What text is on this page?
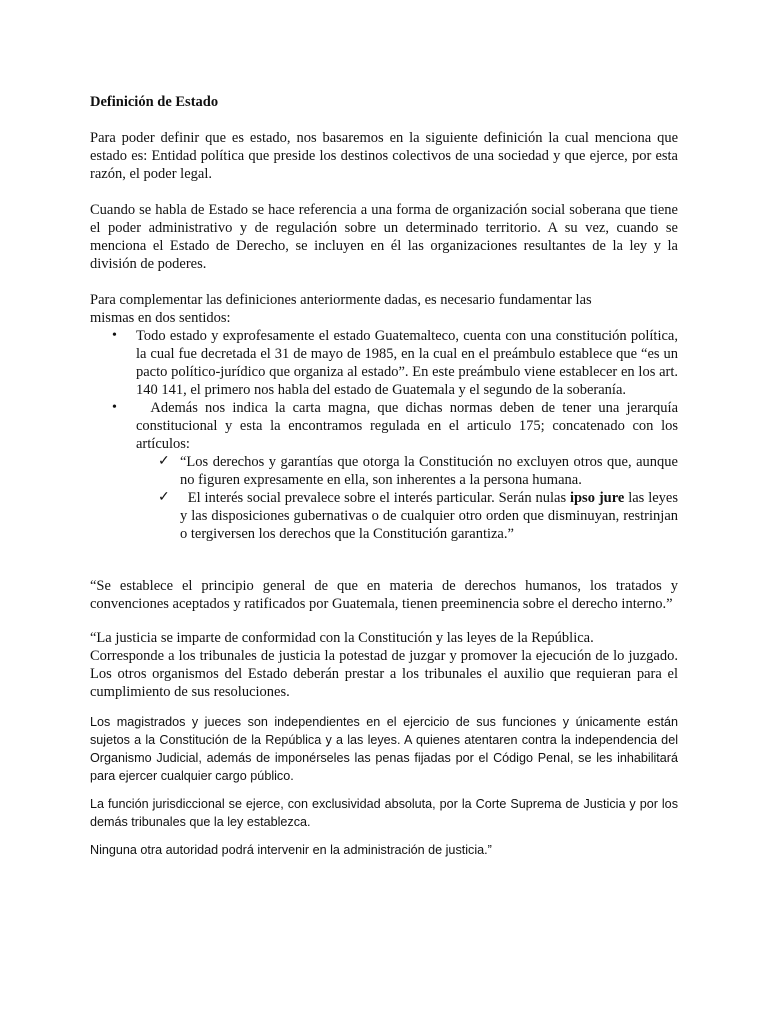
Definición de Estado

Para poder definir que es estado, nos basaremos en la siguiente definición la cual menciona que estado es: Entidad política que preside los destinos colectivos de una sociedad y que ejerce, por esta razón, el poder legal.

Cuando se habla de Estado se hace referencia a una forma de organización social soberana que tiene el poder administrativo y de regulación sobre un determinado territorio. A su vez, cuando se menciona el Estado de Derecho, se incluyen en él las organizaciones resultantes de la ley y la división de poderes.

Para complementar las definiciones anteriormente dadas, es necesario fundamentar las
mismas en dos sentidos:
• Todo estado y exprofesamente el estado Guatemalteco, cuenta con una constitución política, la cual fue decretada el 31 de mayo de 1985, en la cual en el preámbulo establece que “es un pacto político-jurídico que organiza al estado”. En este preámbulo viene establecer en los art. 140 141, el primero nos habla del estado de Guatemala y el segundo de la soberanía.
• Además nos indica la carta magna, que dichas normas deben de tener una jerarquía constitucional y esta la encontramos regulada en el articulo 175; concatenado con los artículos:
✓ “Los derechos y garantías que otorga la Constitución no excluyen otros que, aunque no figuren expresamente en ella, son inherentes a la persona humana.
✓ El interés social prevalece sobre el interés particular. Serán nulas ipso jure las leyes y las disposiciones gubernativas o de cualquier otro orden que disminuyan, restrinjan o tergiversen los derechos que la Constitución garantiza.”

“Se establece el principio general de que en materia de derechos humanos, los tratados y convenciones aceptados y ratificados por Guatemala, tienen preeminencia sobre el derecho interno.”

“La justicia se imparte de conformidad con la Constitución y las leyes de la República.
Corresponde a los tribunales de justicia la potestad de juzgar y promover la ejecución de lo juzgado. Los otros organismos del Estado deberán prestar a los tribunales el auxilio que requieran para el cumplimiento de sus resoluciones.

Los magistrados y jueces son independientes en el ejercicio de sus funciones y únicamente están sujetos a la Constitución de la República y a las leyes. A quienes atentaren contra la independencia del Organismo Judicial, además de imponérseles las penas fijadas por el Código Penal, se les inhabilitará para ejercer cualquier cargo público.

La función jurisdiccional se ejerce, con exclusividad absoluta, por la Corte Suprema de Justicia y por los demás tribunales que la ley establezca.

Ninguna otra autoridad podrá intervenir en la administración de justicia.”
